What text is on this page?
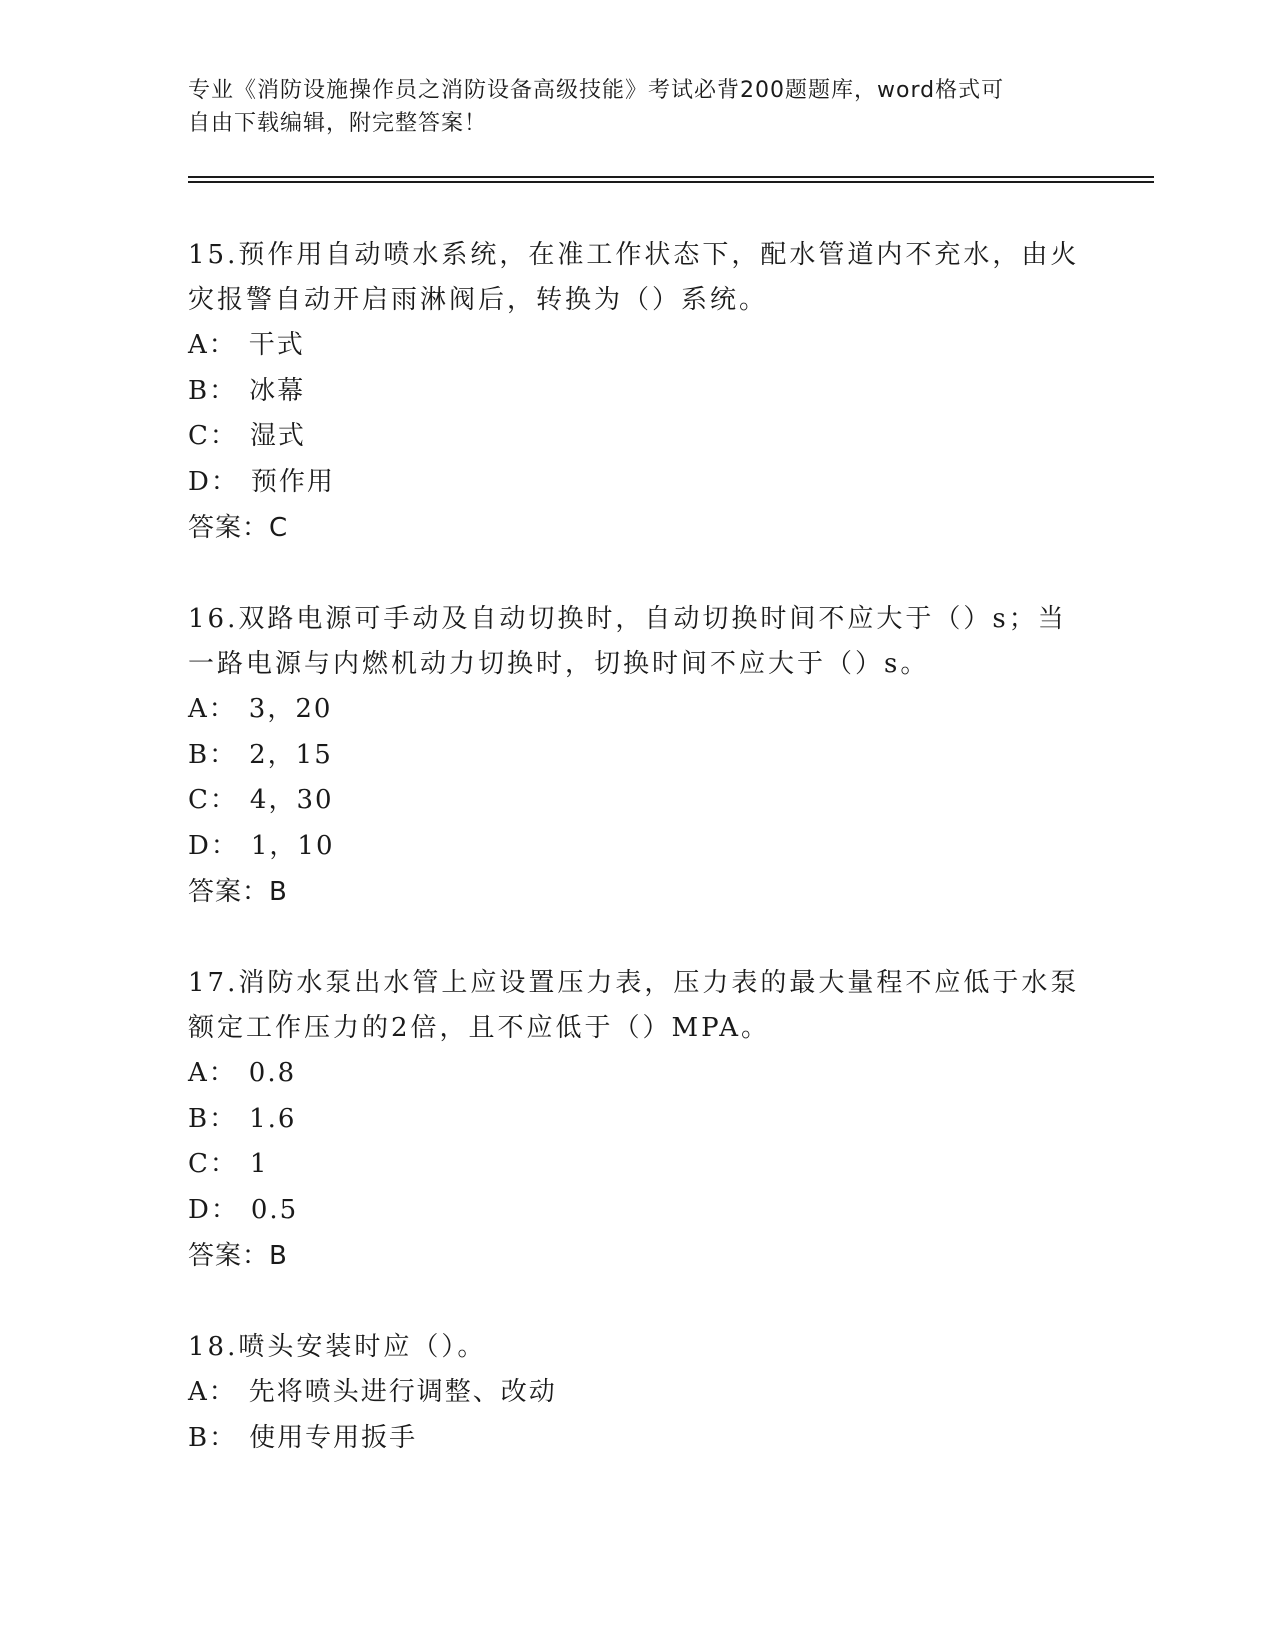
专业《消防设施操作员之消防设备高级技能》考试必背200题题库，word格式可
自由下载编辑，附完整答案！

15.预作用自动喷水系统，在准工作状态下，配水管道内不充水，由火
灾报警自动开启雨淋阀后，转换为（）系统。

A： 干式

B： 冰幕

C： 湿式

D： 预作用

答案：C

16.双路电源可手动及自动切换时，自动切换时间不应大于（）s；当
一路电源与内燃机动力切换时，切换时间不应大于（）s。

A： 3，20

B： 2，15

C： 4，30

D： 1，10

答案：B

17.消防水泵出水管上应设置压力表，压力表的最大量程不应低于水泵
额定工作压力的2倍，且不应低于（）MPA。

A： 0.8

B： 1.6

C： 1

D： 0.5

答案：B

18.喷头安装时应（）。

A： 先将喷头进行调整、改动

B： 使用专用扳手
